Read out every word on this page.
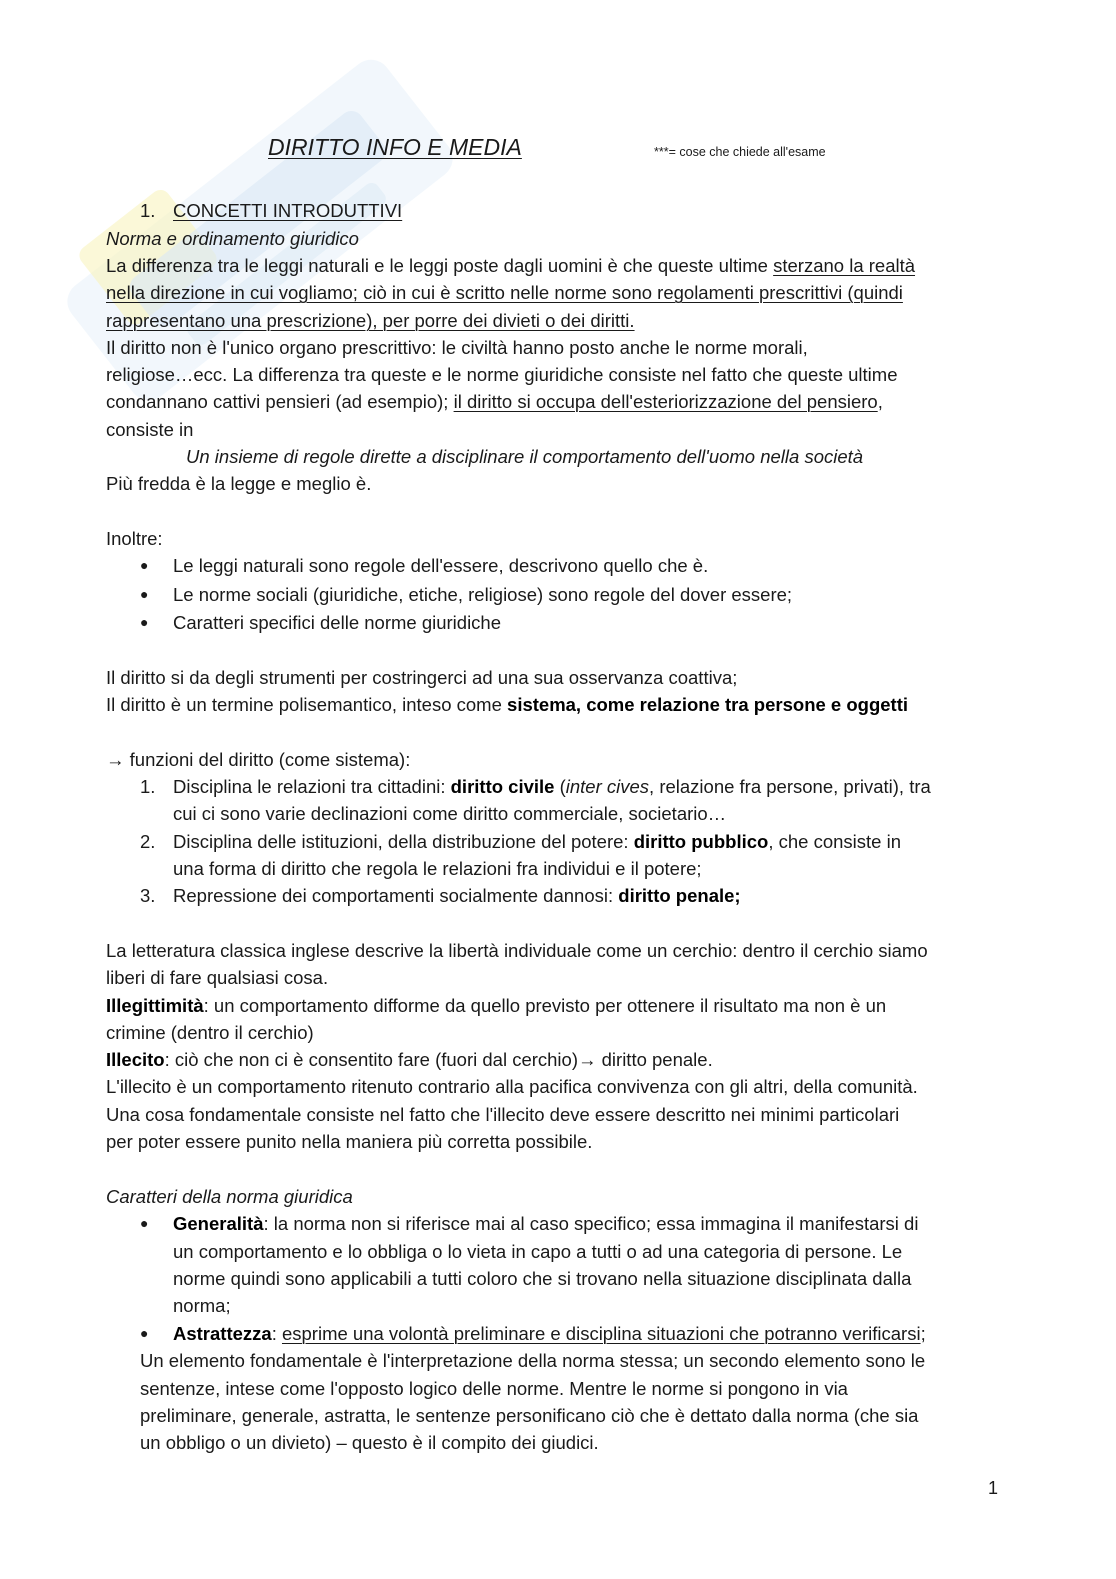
DIRITTO INFO E MEDIA	***= cose che chiede all'esame
1. CONCETTI INTRODUTTIVI
Norma e ordinamento giuridico
La differenza tra le leggi naturali e le leggi poste dagli uomini è che queste ultime sterzano la realtà
nella direzione in cui vogliamo; ciò in cui è scritto nelle norme sono regolamenti prescrittivi (quindi
rappresentano una prescrizione), per porre dei divieti o dei diritti.
Il diritto non è l'unico organo prescrittivo: le civiltà hanno posto anche le norme morali,
religiose…ecc. La differenza tra queste e le norme giuridiche consiste nel fatto che queste ultime
condannano cattivi pensieri (ad esempio); il diritto si occupa dell'esteriorizzazione del pensiero,
consiste in
Un insieme di regole dirette a disciplinare il comportamento dell'uomo nella società
Più fredda è la legge e meglio è.
Inoltre:
● Le leggi naturali sono regole dell'essere, descrivono quello che è.
● Le norme sociali (giuridiche, etiche, religiose) sono regole del dover essere;
● Caratteri specifici delle norme giuridiche
Il diritto si da degli strumenti per costringerci ad una sua osservanza coattiva;
Il diritto è un termine polisemantico, inteso come sistema, come relazione tra persone e oggetti
→ funzioni del diritto (come sistema):
1. Disciplina le relazioni tra cittadini: diritto civile (inter cives, relazione fra persone, privati), tra
cui ci sono varie declinazioni come diritto commerciale, societario…
2. Disciplina delle istituzioni, della distribuzione del potere: diritto pubblico, che consiste in
una forma di diritto che regola le relazioni fra individui e il potere;
3. Repressione dei comportamenti socialmente dannosi: diritto penale;
La letteratura classica inglese descrive la libertà individuale come un cerchio: dentro il cerchio siamo
liberi di fare qualsiasi cosa.
Illegittimità: un comportamento difforme da quello previsto per ottenere il risultato ma non è un
crimine (dentro il cerchio)
Illecito: ciò che non ci è consentito fare (fuori dal cerchio)→ diritto penale.
L'illecito è un comportamento ritenuto contrario alla pacifica convivenza con gli altri, della comunità.
Una cosa fondamentale consiste nel fatto che l'illecito deve essere descritto nei minimi particolari
per poter essere punito nella maniera più corretta possibile.
Caratteri della norma giuridica
● Generalità: la norma non si riferisce mai al caso specifico; essa immagina il manifestarsi di
un comportamento e lo obbliga o lo vieta in capo a tutti o ad una categoria di persone. Le
norme quindi sono applicabili a tutti coloro che si trovano nella situazione disciplinata dalla
norma;
● Astrattezza: esprime una volontà preliminare e disciplina situazioni che potranno verificarsi;
Un elemento fondamentale è l'interpretazione della norma stessa; un secondo elemento sono le
sentenze, intese come l'opposto logico delle norme. Mentre le norme si pongono in via
preliminare, generale, astratta, le sentenze personificano ciò che è dettato dalla norma (che sia
un obbligo o un divieto) – questo è il compito dei giudici.
1
